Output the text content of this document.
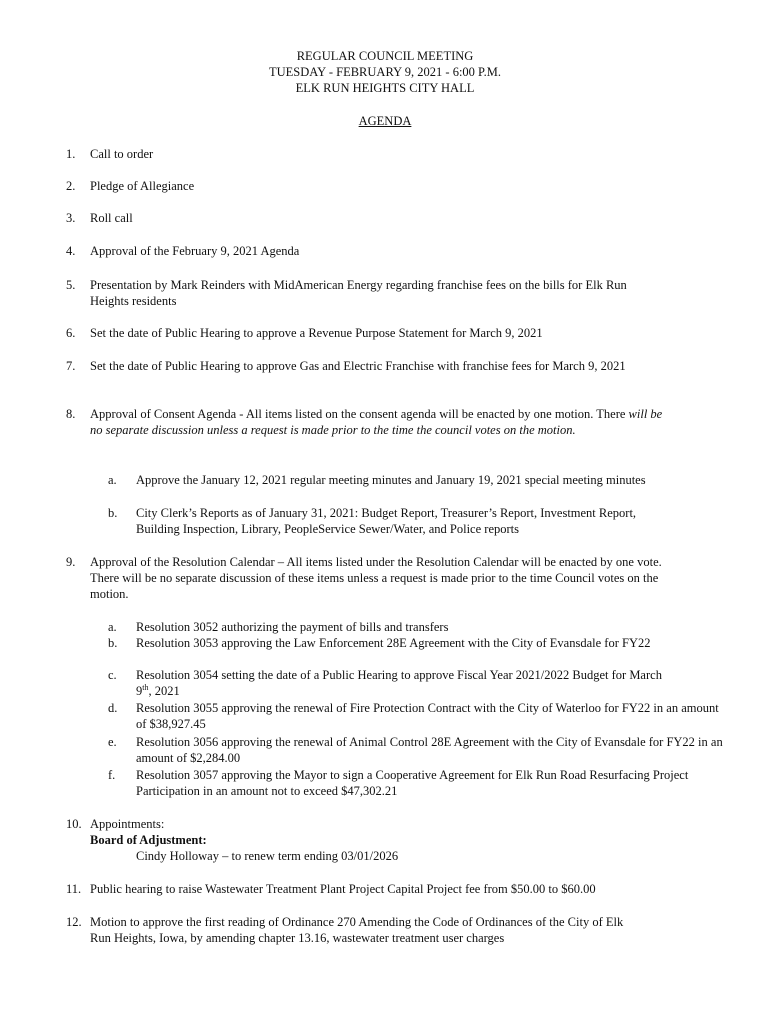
REGULAR COUNCIL MEETING
TUESDAY - FEBRUARY 9, 2021 - 6:00 P.M.
ELK RUN HEIGHTS CITY HALL
AGENDA
1.	Call to order
2.	Pledge of Allegiance
3.	Roll call
4.	Approval of the February 9, 2021 Agenda
5.	Presentation by Mark Reinders with MidAmerican Energy regarding franchise fees on the bills for Elk Run Heights residents
6.	Set the date of Public Hearing to approve a Revenue Purpose Statement for March 9, 2021
7.	Set the date of Public Hearing to approve Gas and Electric Franchise with franchise fees for March 9, 2021
8.	Approval of Consent Agenda - All items listed on the consent agenda will be enacted by one motion. There will be no separate discussion unless a request is made prior to the time the council votes on the motion.
a.	Approve the January 12, 2021 regular meeting minutes and January 19, 2021 special meeting minutes
b.	City Clerk’s Reports as of January 31, 2021: Budget Report, Treasurer’s Report, Investment Report, Building Inspection, Library, PeopleService Sewer/Water, and Police reports
9.	Approval of the Resolution Calendar – All items listed under the Resolution Calendar will be enacted by one vote. There will be no separate discussion of these items unless a request is made prior to the time Council votes on the motion.
a.	Resolution 3052 authorizing the payment of bills and transfers
b.	Resolution 3053 approving the Law Enforcement 28E Agreement with the City of Evansdale for FY22
c.	Resolution 3054 setting the date of a Public Hearing to approve Fiscal Year 2021/2022 Budget for March 9th, 2021
d.	Resolution 3055 approving the renewal of Fire Protection Contract with the City of Waterloo for FY22 in an amount of $38,927.45
e.	Resolution 3056 approving the renewal of Animal Control 28E Agreement with the City of Evansdale for FY22 in an amount of $2,284.00
f.	Resolution 3057 approving the Mayor to sign a Cooperative Agreement for Elk Run Road Resurfacing Project Participation in an amount not to exceed $47,302.21
10. Appointments:
Board of Adjustment:
Cindy Holloway – to renew term ending 03/01/2026
11. Public hearing to raise Wastewater Treatment Plant Project Capital Project fee from $50.00 to $60.00
12. Motion to approve the first reading of Ordinance 270 Amending the Code of Ordinances of the City of Elk Run Heights, Iowa, by amending chapter 13.16, wastewater treatment user charges
